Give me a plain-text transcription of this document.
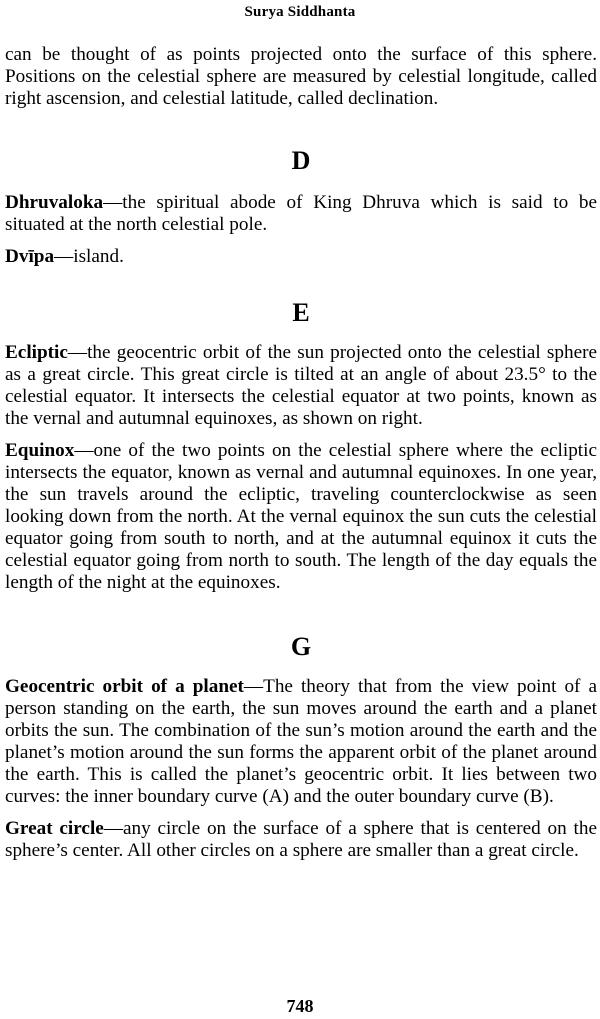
Surya Siddhanta

can be thought of as points projected onto the surface of this sphere. Positions on the celestial sphere are measured by celestial longitude, called right ascension, and celestial latitude, called declination.

D

Dhruvaloka—the spiritual abode of King Dhruva which is said to be situated at the north celestial pole.

Dvīpa—island.

E

Ecliptic—the geocentric orbit of the sun projected onto the celestial sphere as a great circle. This great circle is tilted at an angle of about 23.5° to the celestial equator. It intersects the celestial equator at two points, known as the vernal and autumnal equinoxes, as shown on right.

Equinox—one of the two points on the celestial sphere where the ecliptic intersects the equator, known as vernal and autumnal equinoxes. In one year, the sun travels around the ecliptic, traveling counterclockwise as seen looking down from the north. At the vernal equinox the sun cuts the celestial equator going from south to north, and at the autumnal equinox it cuts the celestial equator going from north to south. The length of the day equals the length of the night at the equinoxes.

G

Geocentric orbit of a planet—The theory that from the view point of a person standing on the earth, the sun moves around the earth and a planet orbits the sun. The combination of the sun’s motion around the earth and the planet’s motion around the sun forms the apparent orbit of the planet around the earth. This is called the planet’s geocentric orbit. It lies between two curves: the inner boundary curve (A) and the outer boundary curve (B).

Great circle—any circle on the surface of a sphere that is centered on the sphere’s center. All other circles on a sphere are smaller than a great circle.

748
